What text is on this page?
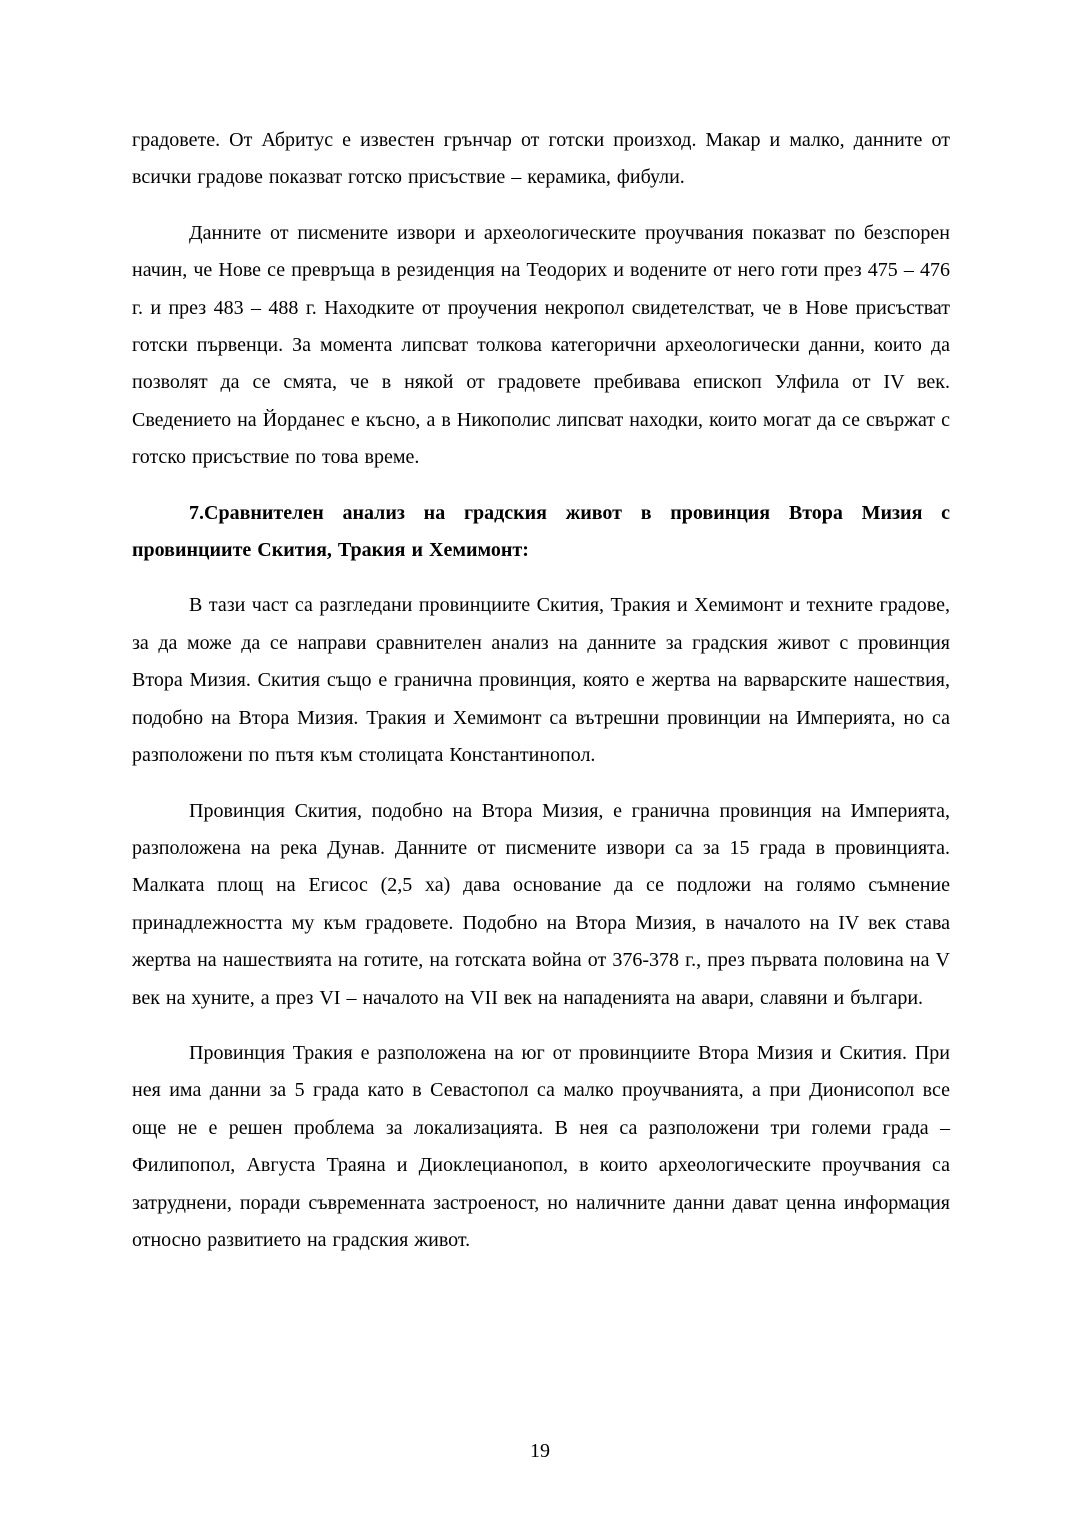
градовете. От Абритус е известен грънчар от готски произход. Макар и малко, данните от всички градове показват готско присъствие – керамика, фибули.

Данните от писмените извори и археологическите проучвания показват по безспорен начин, че Нове се превръща в резиденция на Теодорих и водените от него готи през 475 – 476 г. и през 483 – 488 г. Находките от проучения некропол свидетелстват, че в Нове присъстват готски първенци. За момента липсват толкова категорични археологически данни, които да позволят да се смята, че в някой от градовете пребивава епископ Улфила от IV век. Сведението на Йорданес е късно, а в Никополис липсват находки, които могат да се свържат с готско присъствие по това време.

7.Сравнителен анализ на градския живот в провинция Втора Мизия с провинциите Скития, Тракия и Хемимонт:

В тази част са разгледани провинциите Скития, Тракия и Хемимонт и техните градове, за да може да се направи сравнителен анализ на данните за градския живот с провинция Втора Мизия. Скития също е гранична провинция, която е жертва на варварските нашествия, подобно на Втора Мизия. Тракия и Хемимонт са вътрешни провинции на Империята, но са разположени по пътя към столицата Константинопол.

Провинция Скития, подобно на Втора Мизия, е гранична провинция на Империята, разположена на река Дунав. Данните от писмените извори са за 15 града в провинцията. Малката площ на Егисос (2,5 ха) дава основание да се подложи на голямо съмнение принадлежността му към градовете. Подобно на Втора Мизия, в началото на IV век става жертва на нашествията на готите, на готската война от 376-378 г., през първата половина на V век на хуните, а през VI – началото на VII век на нападенията на авари, славяни и българи.

Провинция Тракия е разположена на юг от провинциите Втора Мизия и Скития. При нея има данни за 5 града като в Севастопол са малко проучванията, а при Дионисопол все още не е решен проблема за локализацията. В нея са разположени три големи града – Филипопол, Августа Траяна и Диоклецианопол, в които археологическите проучвания са затруднени, поради съвременната застроеност, но наличните данни дават ценна информация относно развитието на градския живот.

19
